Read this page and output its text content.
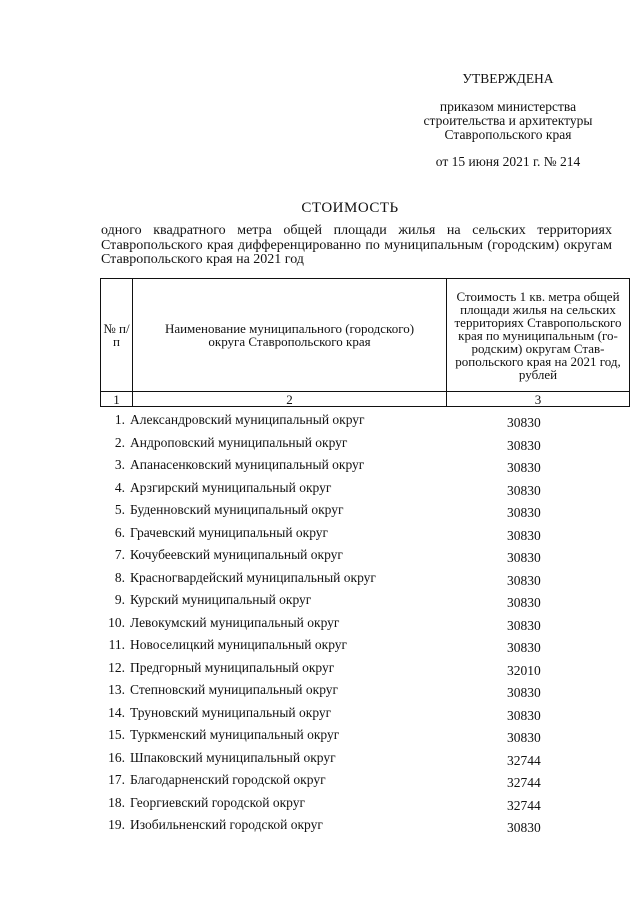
УТВЕРЖДЕНА
приказом министерства
строительства и архитектуры
Ставропольского края
от 15 июня 2021 г. № 214
СТОИМОСТЬ
одного квадратного метра общей площади жилья на сельских территориях Ставропольского края дифференцированно по муниципальным (городским) округам Ставропольского края на 2021 год
№ п/п	Наименование муниципального (городского) округа Ставропольского края	Стоимость 1 кв. метра общей площади жилья на сельских территориях Ставропольского края по муниципальным (го-родским) округам Став-ропольского края на 2021 год, рублей

1	2	3
1. Александровский муниципальный округ	30830
2. Андроповский муниципальный округ	30830
3. Апанасенковский муниципальный округ	30830
4. Арзгирский муниципальный округ	30830
5. Буденновский муниципальный округ	30830
6. Грачевский муниципальный округ	30830
7. Кочубеевский муниципальный округ	30830
8. Красногвардейский муниципальный округ	30830
9. Курский муниципальный округ	30830
10. Левокумский муниципальный округ	30830
11. Новоселицкий муниципальный округ	30830
12. Предгорный муниципальный округ	32010
13. Степновский муниципальный округ	30830
14. Труновский муниципальный округ	30830
15. Туркменский муниципальный округ	30830
16. Шпаковский муниципальный округ	32744
17. Благодарненский городской округ	32744
18. Георгиевский городской округ	32744
19. Изобильненский городской округ	30830
